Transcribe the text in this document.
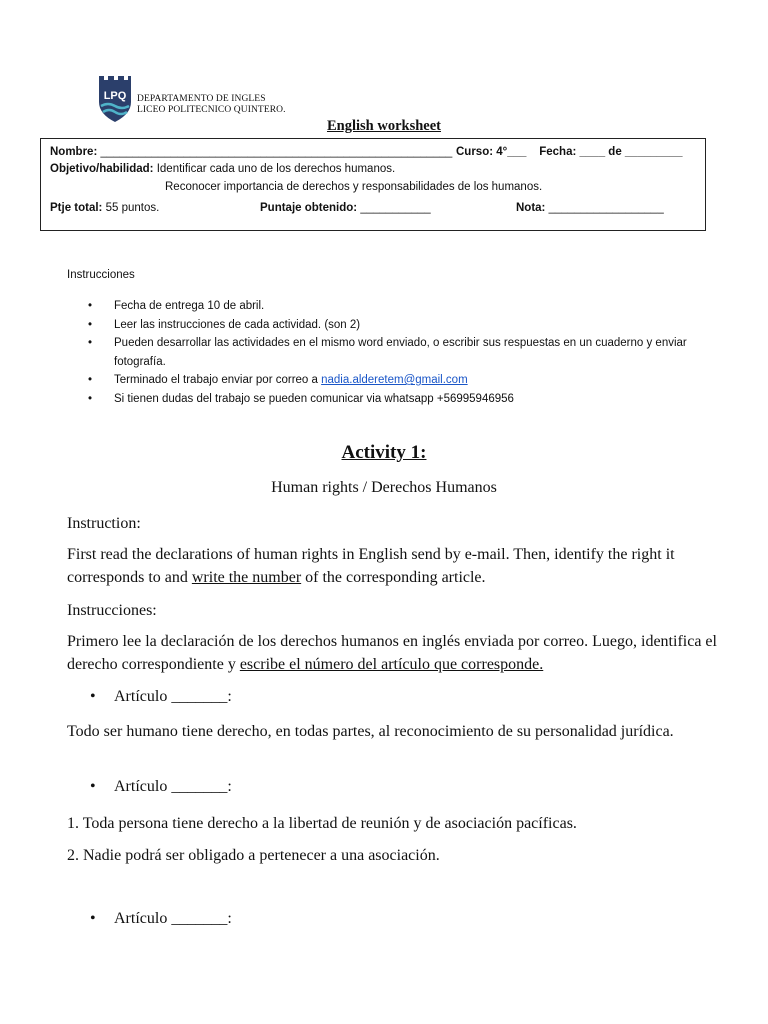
LPQ DEPARTAMENTO DE INGLES
LICEO POLITECNICO QUINTERO.
English worksheet
Nombre: _______________________________________________________ Curso: 4°___ Fecha: ____ de _________
Objetivo/habilidad: Identificar cada uno de los derechos humanos.
Reconocer importancia de derechos y responsabilidades de los humanos.
Ptje total: 55 puntos.	Puntaje obtenido: ___________	Nota: __________________
Instrucciones
• Fecha de entrega 10 de abril.
• Leer las instrucciones de cada actividad. (son 2)
• Pueden desarrollar las actividades en el mismo word enviado, o escribir sus respuestas en un cuaderno y enviar fotografía.
• Terminado el trabajo enviar por correo a nadia.alderetem@gmail.com
• Si tienen dudas del trabajo se pueden comunicar via whatsapp +56995946956
Activity 1:
Human rights / Derechos Humanos
Instruction:
First read the declarations of human rights in English send by e-mail. Then, identify the right it corresponds to and write the number of the corresponding article.
Instrucciones:
Primero lee la declaración de los derechos humanos en inglés enviada por correo. Luego, identifica el derecho correspondiente y escribe el número del artículo que corresponde.
• Artículo _______:
Todo ser humano tiene derecho, en todas partes, al reconocimiento de su personalidad jurídica.
• Artículo _______:
1. Toda persona tiene derecho a la libertad de reunión y de asociación pacíficas.
2. Nadie podrá ser obligado a pertenecer a una asociación.
• Artículo _______:
